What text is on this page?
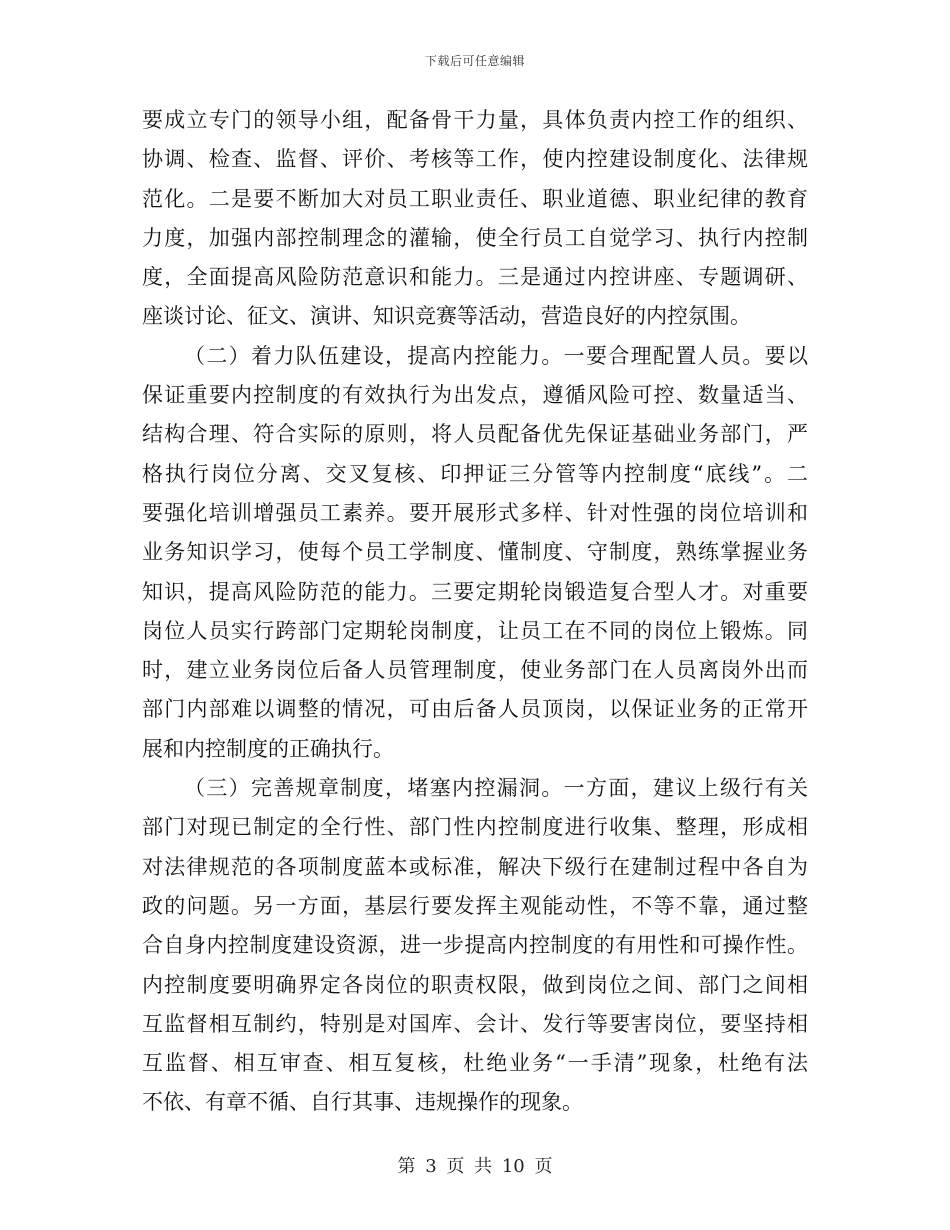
下载后可任意编辑
要成立专门的领导小组，配备骨干力量，具体负责内控工作的组织、
协调、检查、监督、评价、考核等工作，使内控建设制度化、法律规
范化。二是要不断加大对员工职业责任、职业道德、职业纪律的教育
力度，加强内部控制理念的灌输，使全行员工自觉学习、执行内控制
度，全面提高风险防范意识和能力。三是通过内控讲座、专题调研、
座谈讨论、征文、演讲、知识竞赛等活动，营造良好的内控氛围。
（二）着力队伍建设，提高内控能力。一要合理配置人员。要以
保证重要内控制度的有效执行为出发点，遵循风险可控、数量适当、
结构合理、符合实际的原则，将人员配备优先保证基础业务部门，严
格执行岗位分离、交叉复核、印押证三分管等内控制度“底线”。二
要强化培训增强员工素养。要开展形式多样、针对性强的岗位培训和
业务知识学习，使每个员工学制度、懂制度、守制度，熟练掌握业务
知识，提高风险防范的能力。三要定期轮岗锻造复合型人才。对重要
岗位人员实行跨部门定期轮岗制度，让员工在不同的岗位上锻炼。同
时，建立业务岗位后备人员管理制度，使业务部门在人员离岗外出而
部门内部难以调整的情况，可由后备人员顶岗，以保证业务的正常开
展和内控制度的正确执行。
（三）完善规章制度，堵塞内控漏洞。一方面，建议上级行有关
部门对现已制定的全行性、部门性内控制度进行收集、整理，形成相
对法律规范的各项制度蓝本或标准，解决下级行在建制过程中各自为
政的问题。另一方面，基层行要发挥主观能动性，不等不靠，通过整
合自身内控制度建设资源，进一步提高内控制度的有用性和可操作性。
内控制度要明确界定各岗位的职责权限，做到岗位之间、部门之间相
互监督相互制约，特别是对国库、会计、发行等要害岗位，要坚持相
互监督、相互审查、相互复核，杜绝业务“一手清”现象，杜绝有法
不依、有章不循、自行其事、违规操作的现象。
第 3 页 共 10 页
